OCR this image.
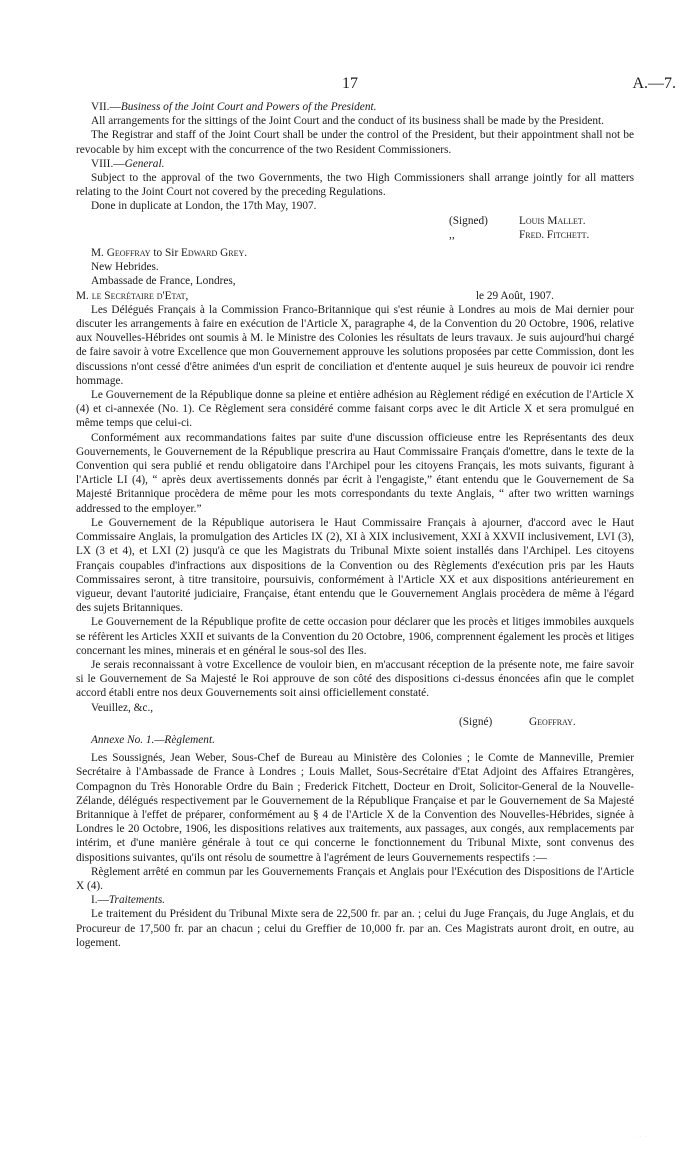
17	A.—7.

VII.—Business of the Joint Court and Powers of the President.

All arrangements for the sittings of the Joint Court and the conduct of its business shall be made by the President.

The Registrar and staff of the Joint Court shall be under the control of the President, but their appointment shall not be revocable by him except with the concurrence of the two Resident Commissioners.

VIII.—General.

Subject to the approval of the two Governments, the two High Commissioners shall arrange jointly for all matters relating to the Joint Court not covered by the preceding Regulations.

Done in duplicate at London, the 17th May, 1907.

(Signed)	Louis Mallet.
,,	Fred. Fitchett.

M. Geoffray to Sir Edward Grey.

New Hebrides.

Ambassade de France, Londres,

M. le Secrétaire d'Etat,	le 29 Août, 1907.

Les Délégués Français à la Commission Franco-Britannique qui s'est réunie à Londres au mois de Mai dernier pour discuter les arrangements à faire en exécution de l'Article X, paragraphe 4, de la Convention du 20 Octobre, 1906, relative aux Nouvelles-Hébrides ont soumis à M. le Ministre des Colonies les résultats de leurs travaux. Je suis aujourd'hui chargé de faire savoir à votre Excellence que mon Gouvernement approuve les solutions proposées par cette Commission, dont les discussions n'ont cessé d'être animées d'un esprit de conciliation et d'entente auquel je suis heureux de pouvoir ici rendre hommage.

Le Gouvernement de la République donne sa pleine et entière adhésion au Règlement rédigé en exécution de l'Article X (4) et ci-annexée (No. 1). Ce Règlement sera considéré comme faisant corps avec le dit Article X et sera promulgué en même temps que celui-ci.

Conformément aux recommandations faites par suite d'une discussion officieuse entre les Représentants des deux Gouvernements, le Gouvernement de la République prescrira au Haut Commissaire Français d'omettre, dans le texte de la Convention qui sera publié et rendu obligatoire dans l'Archipel pour les citoyens Français, les mots suivants, figurant à l'Article LI (4), “ après deux avertissements donnés par écrit à l'engagiste,” étant entendu que le Gouvernement de Sa Majesté Britannique procèdera de même pour les mots correspondants du texte Anglais, “ after two written warnings addressed to the employer.”

Le Gouvernement de la République autorisera le Haut Commissaire Français à ajourner, d'accord avec le Haut Commissaire Anglais, la promulgation des Articles IX (2), XI à XIX inclusivement, XXI à XXVII inclusivement, LVI (3), LX (3 et 4), et LXI (2) jusqu'à ce que les Magistrats du Tribunal Mixte soient installés dans l'Archipel. Les citoyens Français coupables d'infractions aux dispositions de la Convention ou des Règlements d'exécution pris par les Hauts Commissaires seront, à titre transitoire, poursuivis, conformément à l'Article XX et aux dispositions antérieurement en vigueur, devant l'autorité judiciaire, Française, étant entendu que le Gouvernement Anglais procèdera de même à l'égard des sujets Britanniques.

Le Gouvernement de la République profite de cette occasion pour déclarer que les procès et litiges immobiles auxquels se réfèrent les Articles XXII et suivants de la Convention du 20 Octobre, 1906, comprennent également les procès et litiges concernant les mines, minerais et en général le sous-sol des Iles.

Je serais reconnaissant à votre Excellence de vouloir bien, en m'accusant réception de la présente note, me faire savoir si le Gouvernement de Sa Majesté le Roi approuve de son côté des dispositions ci-dessus énoncées afin que le complet accord établi entre nos deux Gouvernements soit ainsi officiellement constaté.

Veuillez, &c.,

(Signé)	Geoffray.

Annexe No. 1.—Règlement.

Les Soussignés, Jean Weber, Sous-Chef de Bureau au Ministère des Colonies ; le Comte de Manneville, Premier Secrétaire à l'Ambassade de France à Londres ; Louis Mallet, Sous-Secrétaire d'Etat Adjoint des Affaires Etrangères, Compagnon du Très Honorable Ordre du Bain ; Frederick Fitchett, Docteur en Droit, Solicitor-General de la Nouvelle-Zélande, délégués respectivement par le Gouvernement de la République Française et par le Gouvernement de Sa Majesté Britannique à l'effet de préparer, conformément au § 4 de l'Article X de la Convention des Nouvelles-Hébrides, signée à Londres le 20 Octobre, 1906, les dispositions relatives aux traitements, aux passages, aux congés, aux remplacements par intérim, et d'une manière générale à tout ce qui concerne le fonctionnement du Tribunal Mixte, sont convenus des dispositions suivantes, qu'ils ont résolu de soumettre à l'agrément de leurs Gouvernements respectifs :—

Règlement arrêté en commun par les Gouvernements Français et Anglais pour l'Exécution des Dispositions de l'Article X (4).

I.—Traitements.

Le traitement du Président du Tribunal Mixte sera de 22,500 fr. par an. ; celui du Juge Français, du Juge Anglais, et du Procureur de 17,500 fr. par an chacun ; celui du Greffier de 10,000 fr. par an. Ces Magistrats auront droit, en outre, au logement.

· · ·
